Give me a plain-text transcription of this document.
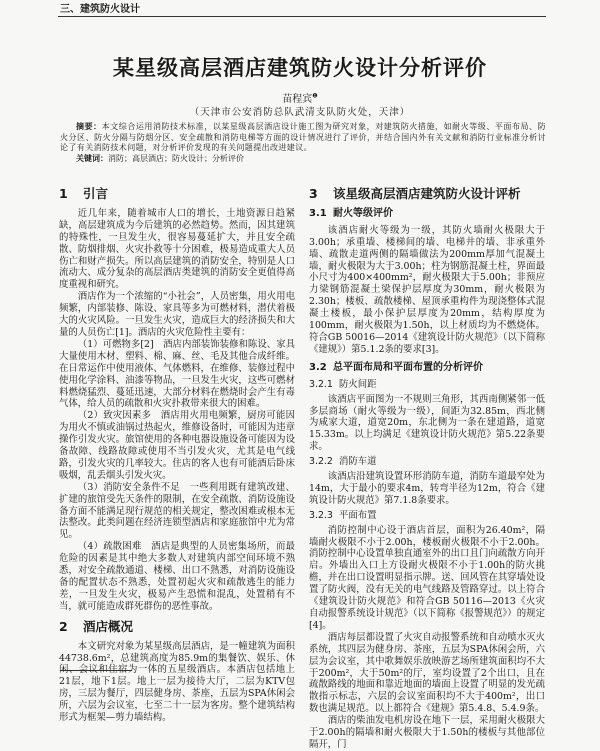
三、建筑防火设计
某星级高层酒店建筑防火设计分析评价
苗程宾$^❶$
（天津市公安消防总队武清支队防火处，天津）
摘要：本文综合运用消防技术标准，以某星级高层酒店设计施工图为研究对象，对建筑防火措施，如耐火等级、平面布局、防火分区、防火分隔与防烟分区、安全疏散和消防电梯等方面的设计情况进行了评价，并结合国内外有关文献和消防行业标准分析讨论了有关消防技术问题，对分析评价发现的有关问题提出改进建议。
关键词：消防；高层酒店；防火设计；分析评价
1 引言

近几年来，随着城市人口的增长，土地资源日趋紧缺，高层建筑成为今后建筑的必然趋势。然而，因其建筑的特殊性，一旦发生火，很容易蔓延扩大，并且安全疏散、防烟排烟、火灾扑救等十分困难，极易造成重大人员伤亡和财产损失。所以高层建筑的消防安全，特别是人口流动大、成分复杂的高层酒店类建筑的消防安全更值得高度重视和研究。

酒店作为一个浓缩的“小社会”，人员密集，用火用电频繁，内部装修、陈设、家具等多为可燃材料，潜伏着极大的火灾风险。一旦发生火灾，造成巨大的经济损失和大量的人员伤亡[1]。酒店的火灾危险性主要有：

（1）可燃物多[2]　酒店内部装饰装修和陈设、家具大量使用木材、塑料、棉、麻、丝、毛及其他合成纤维。在日常运作中使用液体、气体燃料，在维修、装修过程中使用化学涂料、油漆等物品，一旦发生火灾，这些可燃材料燃烧猛烈、蔓延迅速，大部分材料在燃烧时会产生有毒气体，给人员的疏散和火灾扑救带来很大的困难。

（2）致灾因素多　酒店用火用电频繁，厨房可能因为用火不慎或油锅过热起火，维修设备时，可能因为违章操作引发火灾。旅馆使用的各种电器设施设备可能因为设备故障、线路故障或使用不当引发火灾，尤其是电气线路，引发火灾的几率较大。住店的客人也有可能酒后卧床吸烟，乱丢烟头引发火灾。

（3）消防安全条件不足　一些利用既有建筑改建、扩建的旅馆受先天条件的限制，在安全疏散、消防设施设备方面不能满足现行规范的相关规定，整改困难或根本无法整改。此类问题在经济连锁型酒店和家庭旅馆中尤为常见。

（4）疏散困难　酒店是典型的人员密集场所，而最危险的因素是其中绝大多数人对建筑内部空间环境不熟悉，对安全疏散通道、楼梯、出口不熟悉，对消防设施设备的配置状态不熟悉，处置初起火灾和疏散逃生的能力差，一旦发生火灾，极易产生恐慌和混乱，处置稍有不当，就可能造成群死群伤的恶性事故。

2 酒店概况

本文研究对象为某星级高层酒店，是一幢建筑为面积44738.6m²，总建筑高度为85.9m的集餐饮、娱乐、休闲、会议和住宿为一体的五星级酒店。本酒店包括地上21层，地下1层。地上一层为接待大厅，二层为KTV包房，三层为餐厅，四层健身房、茶座，五层为SPA休闲会所，六层为会议室，七至二十一层为客房。整个建筑结构形式为框架—剪力墙结构。

3 该星级高层酒店建筑防火设计评析
3.1 耐火等级评价

该酒店耐火等级为一级，其防火墙耐火极限大于3.00h；承重墙、楼梯间的墙、电梯井的墙、非承重外墙、疏散走道两侧的隔墙做法为200mm厚加气混凝土墙，耐火极限为大于3.00h；柱为钢筋混凝土柱，界面最小尺寸为400×400mm²，耐火极限大于5.00h；非预应力梁钢筋混凝土梁保护层厚度为30mm，耐火极限为2.30h；楼板、疏散楼梯、屋顶承重构件为现浇整体式混凝土楼板，最小保护层厚度为20mm，结构厚度为100mm，耐火极限为1.50h，以上材质均为不燃烧体。符合GB 50016—2014《建筑设计防火规范》（以下简称《建规》）第5.1.2条的要求[3]。

3.2 总平面布局和平面布置的分析评价
3.2.1 防火间距

该酒店平面图为一不规则三角形，其西南侧紧邻一低多层商场（耐火等级为一级），间距为32.85m，西北侧为咸家大道，道宽20m，东北侧为一条在建道路，道宽15.33m。以上均满足《建筑设计防火规范》第5.22条要求。

3.2.2 消防车道

该酒店沿建筑设置环形消防车道，消防车道最窄处为14m，大于最小的要求4m，转弯半径为12m，符合《建筑设计防火规范》第7.1.8条要求。

3.2.3 平面布置

消防控制中心设于酒店首层，面积为26.40m²，隔墙耐火极限不小于2.00h，楼板耐火极限不小于2.00h。消防控制中心设置单独直通室外的出口且门向疏散方向开启。外墙出入口上方设耐火极限不小于1.00h的防火挑檐，并在出口设置明显指示牌。送、回风管在其穿墙处设置了防火阀，没有无关的电气线路及管路穿过。以上符合《建筑设计防火规范》和符合GB 50116—2013《火灾自动报警系统设计规范》（以下简称《报警规范》）的规定[4]。

酒店每层都设置了火灾自动报警系统和自动喷水灭火系统，其四层为健身房、茶座，五层为SPA休闲会所，六层为会议室，其中歌舞娱乐放映游艺场所建筑面积均不大于200m²，大于50m²的厅，室均设置了2个出口，且在疏散路线的地面和靠近地面的墙面上设置了明显的发光疏散指示标志，六层的会议室面积均不大于400m²，出口数也满足规范。以上都符合《建规》第5.4.8、5.4.9条。

酒店的柴油发电机房设在地下一层，采用耐火极限大于2.00h的隔墙和耐火极限大于1.50h的楼板与其他部位隔开，门
